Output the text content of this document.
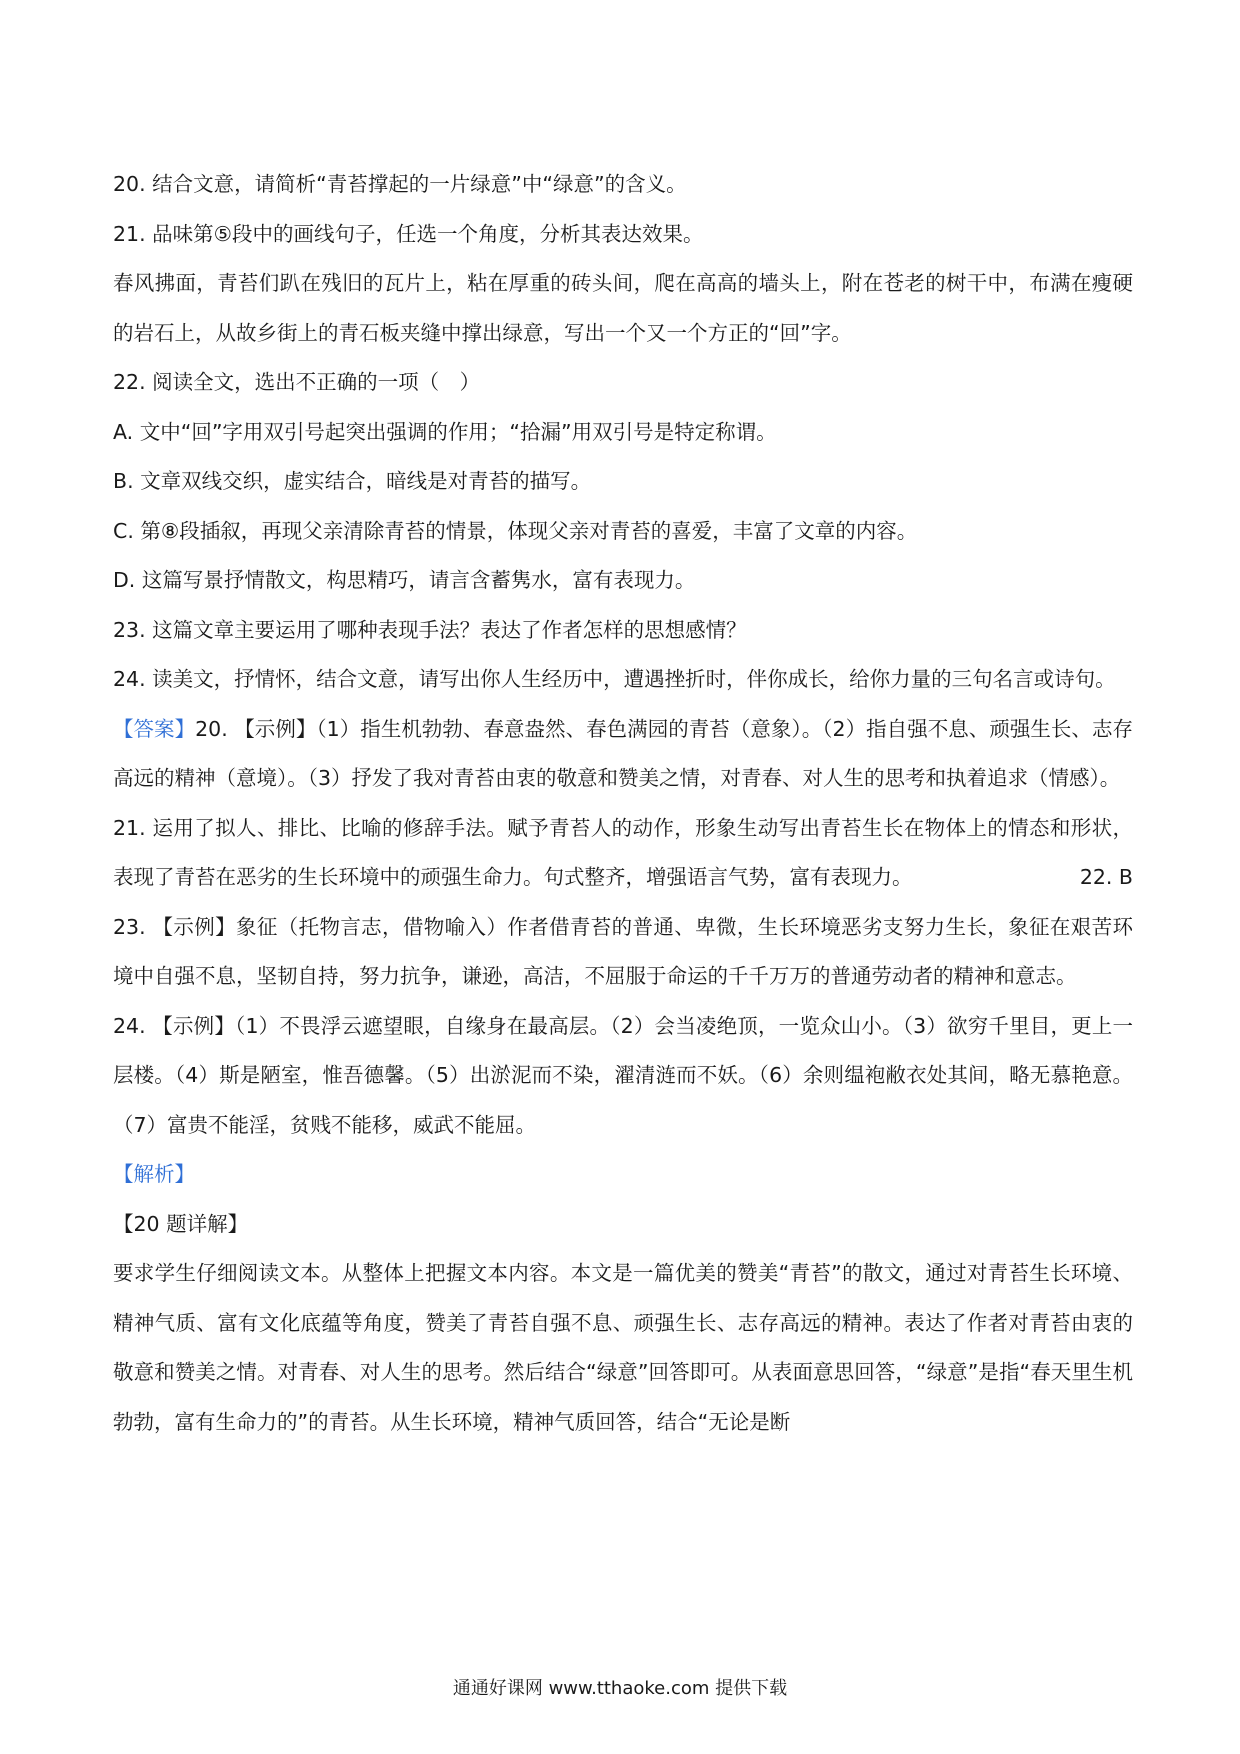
20. 结合文意，请简析“青苔撑起的一片绿意”中“绿意”的含义。

21. 品味第⑤段中的画线句子，任选一个角度，分析其表达效果。

春风拂面，青苔们趴在残旧的瓦片上，粘在厚重的砖头间，爬在高高的墙头上，附在苍老的树干中，布满在瘦硬的岩石上，从故乡街上的青石板夹缝中撑出绿意，写出一个又一个方正的“回”字。

22. 阅读全文，选出不正确的一项（　）

A. 文中“回”字用双引号起突出强调的作用；“拾漏”用双引号是特定称谓。

B. 文章双线交织，虚实结合，暗线是对青苔的描写。

C. 第⑧段插叙，再现父亲清除青苔的情景，体现父亲对青苔的喜爱，丰富了文章的内容。

D. 这篇写景抒情散文，构思精巧，请言含蓄隽水，富有表现力。

23. 这篇文章主要运用了哪种表现手法？表达了作者怎样的思想感情？

24. 读美文，抒情怀，结合文意，请写出你人生经历中，遭遇挫折时，伴你成长，给你力量的三句名言或诗句。

【答案】20. 【示例】（1）指生机勃勃、春意盎然、春色满园的青苔（意象）。（2）指自强不息、顽强生长、志存高远的精神（意境）。（3）抒发了我对青苔由衷的敬意和赞美之情，对青春、对人生的思考和执着追求（情感）。

21. 运用了拟人、排比、比喻的修辞手法。赋予青苔人的动作，形象生动写出青苔生长在物体上的情态和形状，表现了青苔在恶劣的生长环境中的顽强生命力。句式整齐，增强语言气势，富有表现力。	22. B

23. 【示例】象征（托物言志，借物喻入）作者借青苔的普通、卑微，生长环境恶劣支努力生长，象征在艰苦环境中自强不息，坚韧自持，努力抗争，谦逊，高洁，不屈服于命运的千千万万的普通劳动者的精神和意志。

24. 【示例】（1）不畏浮云遮望眼，自缘身在最高层。（2）会当凌绝顶，一览众山小。（3）欲穷千里目，更上一层楼。（4）斯是陋室，惟吾德馨。（5）出淤泥而不染，濯清涟而不妖。（6）余则缊袍敝衣处其间，略无慕艳意。（7）富贵不能淫，贫贱不能移，威武不能屈。

【解析】

【20 题详解】

要求学生仔细阅读文本。从整体上把握文本内容。本文是一篇优美的赞美“青苔”的散文，通过对青苔生长环境、精神气质、富有文化底蕴等角度，赞美了青苔自强不息、顽强生长、志存高远的精神。表达了作者对青苔由衷的敬意和赞美之情。对青春、对人生的思考。然后结合“绿意”回答即可。从表面意思回答，“绿意”是指“春天里生机勃勃，富有生命力的”的青苔。从生长环境，精神气质回答，结合“无论是断

通通好课网 www.tthaoke.com 提供下载
